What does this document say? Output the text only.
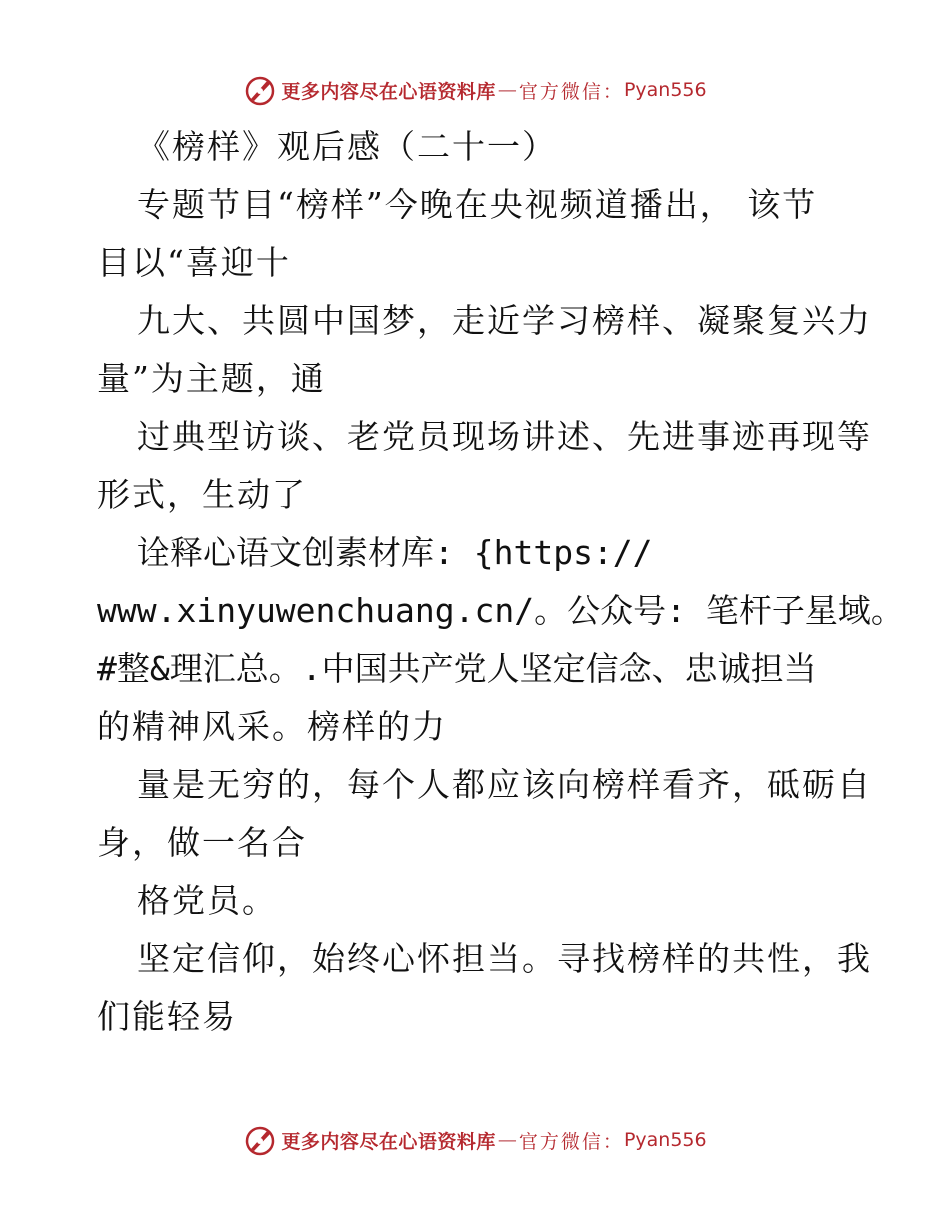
更多内容尽在心语资料库 — 官方微信： Pyan556
《榜样》观后感（二十一）
专题节目“榜样”今晚在央视频道播出， 该节
目以“喜迎十
九大、共圆中国梦，走近学习榜样、凝聚复兴力
量”为主题，通
过典型访谈、老党员现场讲述、先进事迹再现等
形式，生动了
诠释心语文创素材库: {https://
www.xinyuwenchuang.cn/。公众号: 笔杆子星域。
#整&理汇总。.中国共产党人坚定信念、忠诚担当
的精神风采。榜样的力
量是无穷的，每个人都应该向榜样看齐，砥砺自
身，做一名合
格党员。
坚定信仰，始终心怀担当。寻找榜样的共性，我
们能轻易
更多内容尽在心语资料库 — 官方微信： Pyan556
